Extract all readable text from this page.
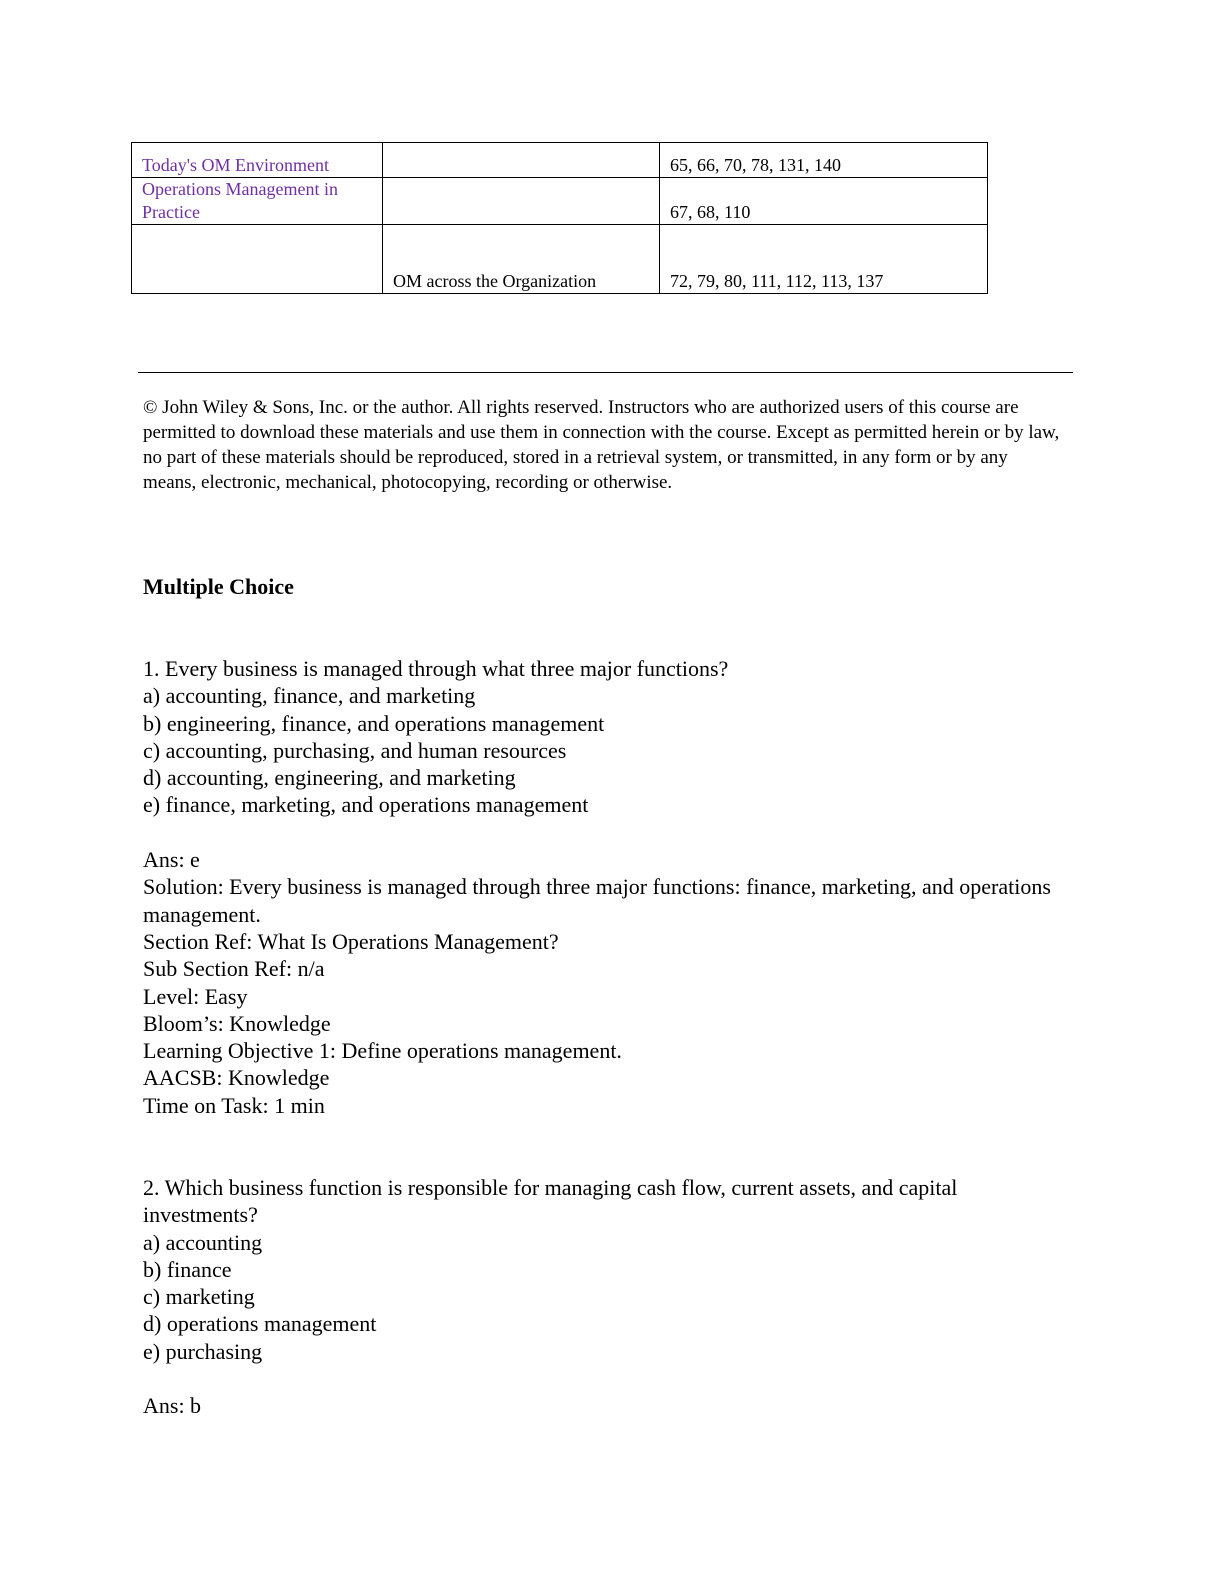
Today's OM Environment		65, 66, 70, 78, 131, 140
Operations Management in Practice		67, 68, 110
	OM across the Organization	72, 79, 80, 111, 112, 113, 137

© John Wiley & Sons, Inc. or the author. All rights reserved. Instructors who are authorized users of this course are permitted to download these materials and use them in connection with the course. Except as permitted herein or by law, no part of these materials should be reproduced, stored in a retrieval system, or transmitted, in any form or by any means, electronic, mechanical, photocopying, recording or otherwise.

Multiple Choice
1. Every business is managed through what three major functions?
a) accounting, finance, and marketing
b) engineering, finance, and operations management
c) accounting, purchasing, and human resources
d) accounting, engineering, and marketing
e) finance, marketing, and operations management
Ans: e
Solution: Every business is managed through three major functions: finance, marketing, and operations management.
Section Ref: What Is Operations Management?
Sub Section Ref: n/a
Level: Easy
Bloom’s: Knowledge
Learning Objective 1: Define operations management.
AACSB: Knowledge
Time on Task: 1 min
2. Which business function is responsible for managing cash flow, current assets, and capital investments?
a) accounting
b) finance
c) marketing
d) operations management
e) purchasing
Ans: b
